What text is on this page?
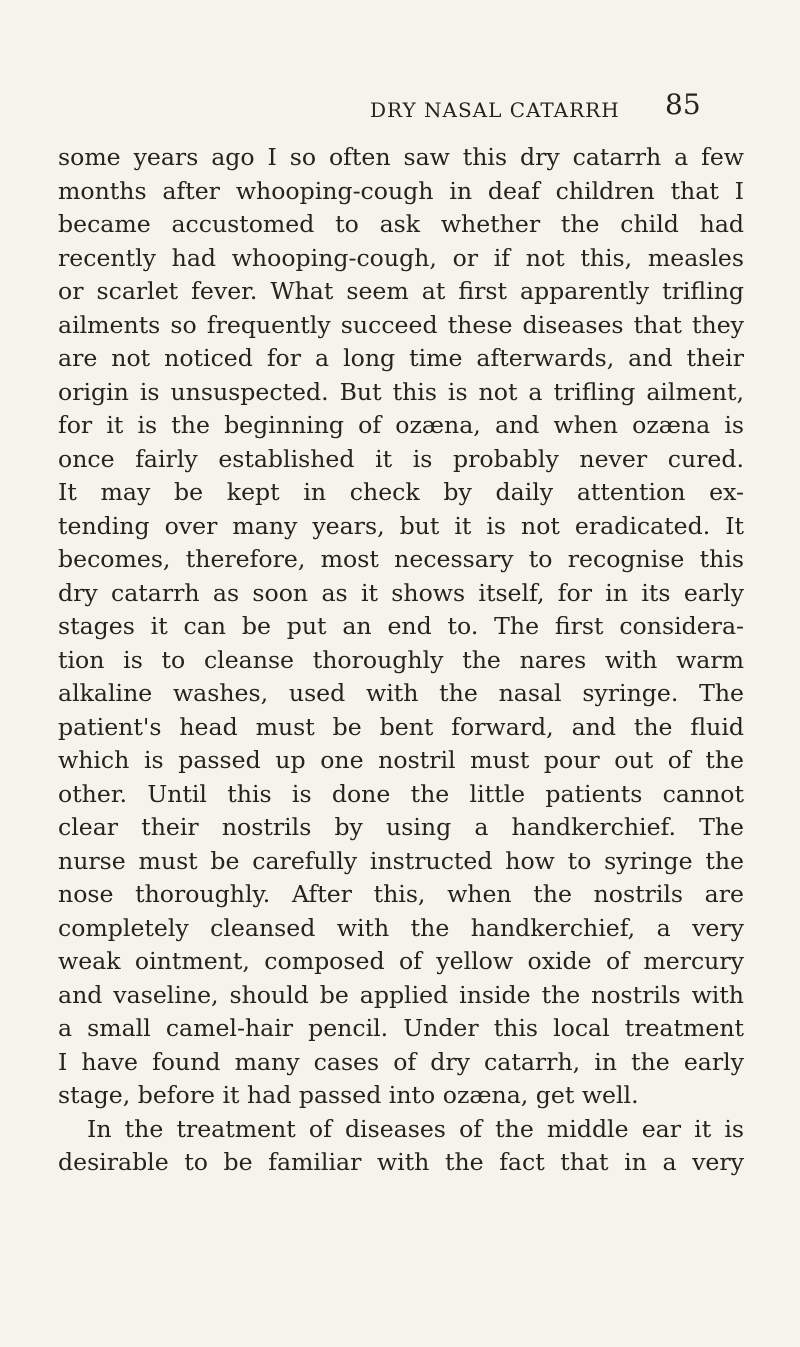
DRY NASAL CATARRH	85
some years ago I so often saw this dry catarrh a few
months after whooping-cough in deaf children that I
became accustomed to ask whether the child had
recently had whooping-cough, or if not this, measles
or scarlet fever. What seem at first apparently trifling
ailments so frequently succeed these diseases that they
are not noticed for a long time afterwards, and their
origin is unsuspected. But this is not a trifling ailment,
for it is the beginning of ozæna, and when ozæna is
once fairly established it is probably never cured.
It may be kept in check by daily attention ex-
tending over many years, but it is not eradicated. It
becomes, therefore, most necessary to recognise this
dry catarrh as soon as it shows itself, for in its early
stages it can be put an end to. The first considera-
tion is to cleanse thoroughly the nares with warm
alkaline washes, used with the nasal syringe. The
patient's head must be bent forward, and the fluid
which is passed up one nostril must pour out of the
other. Until this is done the little patients cannot
clear their nostrils by using a handkerchief. The
nurse must be carefully instructed how to syringe the
nose thoroughly. After this, when the nostrils are
completely cleansed with the handkerchief, a very
weak ointment, composed of yellow oxide of mercury
and vaseline, should be applied inside the nostrils with
a small camel-hair pencil. Under this local treatment
I have found many cases of dry catarrh, in the early
stage, before it had passed into ozæna, get well.
In the treatment of diseases of the middle ear it is
desirable to be familiar with the fact that in a very
